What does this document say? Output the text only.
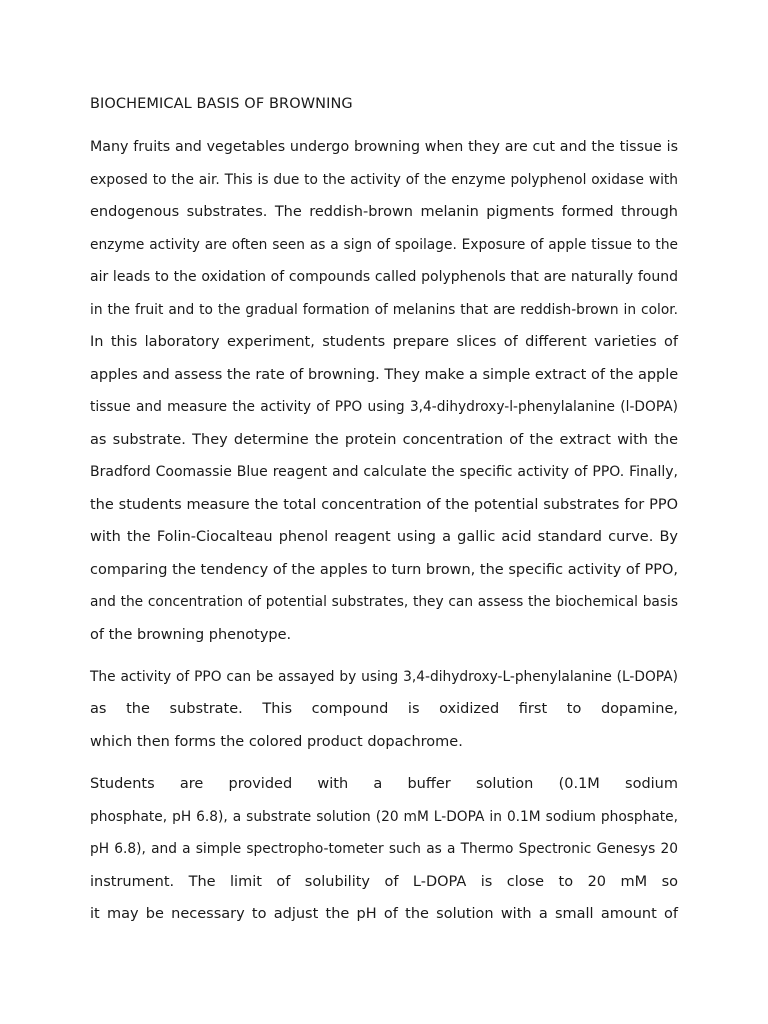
BIOCHEMICAL BASIS OF BROWNING
Many fruits and vegetables undergo browning when they are cut and the tissue is
exposed to the air. This is due to the activity of the enzyme polyphenol oxidase with
endogenous substrates. The reddish-brown melanin pigments formed through
enzyme activity are often seen as a sign of spoilage. Exposure of apple tissue to the
air leads to the oxidation of compounds called polyphenols that are naturally found
in the fruit and to the gradual formation of melanins that are reddish-brown in color.
In this laboratory experiment, students prepare slices of different varieties of
apples and assess the rate of browning. They make a simple extract of the apple
tissue and measure the activity of PPO using 3,4-dihydroxy-l-phenylalanine (l-DOPA)
as substrate. They determine the protein concentration of the extract with the
Bradford Coomassie Blue reagent and calculate the specific activity of PPO. Finally,
the students measure the total concentration of the potential substrates for PPO
with the Folin-Ciocalteau phenol reagent using a gallic acid standard curve. By
comparing the tendency of the apples to turn brown, the specific activity of PPO,
and the concentration of potential substrates, they can assess the biochemical basis
of the browning phenotype.
The activity of PPO can be assayed by using 3,4-dihydroxy-L-phenylalanine (L-DOPA)
as the substrate. This compound is oxidized first to dopamine,
which then forms the colored product dopachrome.
Students are provided with a buffer solution (0.1M sodium
phosphate, pH 6.8), a substrate solution (20 mM L-DOPA in 0.1M sodium phosphate,
pH 6.8), and a simple spectropho-tometer such as a Thermo Spectronic Genesys 20
instrument. The limit of solubility of L-DOPA is close to 20 mM so
it may be necessary to adjust the pH of the solution with a small amount of
